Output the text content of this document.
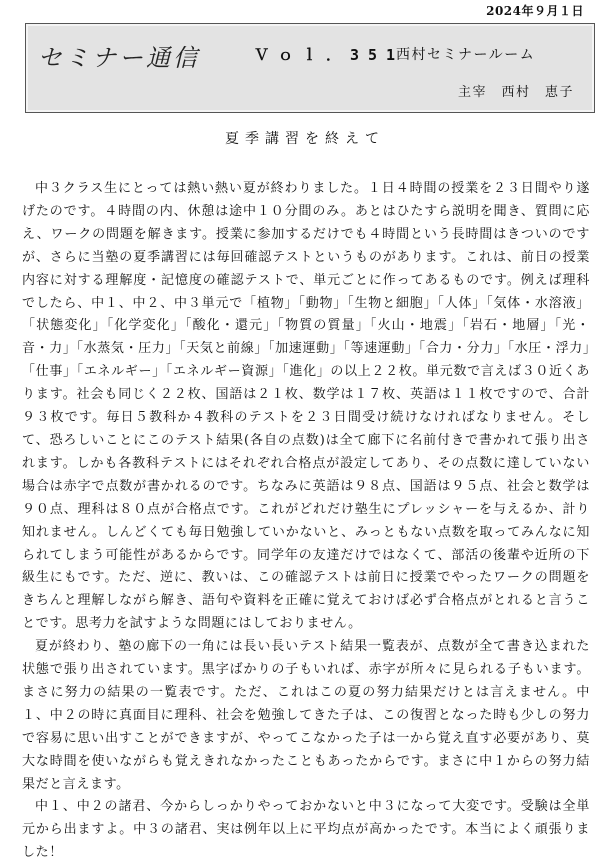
2024年９月１日
セミナー通信	Ｖｏｌ．351
西村セミナールーム
主宰　西村　恵子
夏季講習を終えて

中３クラス生にとっては熱い熱い夏が終わりました。１日４時間の授業を２３日間やり遂げたのです。４時間の内、休憩は途中１０分間のみ。あとはひたすら説明を聞き、質問に応え、ワークの問題を解きます。授業に参加するだけでも４時間という長時間はきついのですが、さらに当塾の夏季講習には毎回確認テストというものがあります。これは、前日の授業内容に対する理解度・記憶度の確認テストで、単元ごとに作ってあるものです。例えば理科でしたら、中１、中２、中３単元で「植物」「動物」「生物と細胞」「人体」「気体・水溶液」「状態変化」「化学変化」「酸化・還元」「物質の質量」「火山・地震」「岩石・地層」「光・音・力」「水蒸気・圧力」「天気と前線」「加速運動」「等速運動」「合力・分力」「水圧・浮力」「仕事」「エネルギー」「エネルギー資源」「進化」の以上２２枚。単元数で言えば３０近くあります。社会も同じく２２枚、国語は２１枚、数学は１７枚、英語は１１枚ですので、合計９３枚です。毎日５教科か４教科のテストを２３日間受け続けなければなりません。そして、恐ろしいことにこのテスト結果(各自の点数)は全て廊下に名前付きで書かれて張り出されます。しかも各教科テストにはそれぞれ合格点が設定してあり、その点数に達していない場合は赤字で点数が書かれるのです。ちなみに英語は９８点、国語は９５点、社会と数学は９０点、理科は８０点が合格点です。これがどれだけ塾生にプレッシャーを与えるか、計り知れません。しんどくても毎日勉強していかないと、みっともない点数を取ってみんなに知られてしまう可能性があるからです。同学年の友達だけではなくて、部活の後輩や近所の下級生にもです。ただ、逆に、教いは、この確認テストは前日に授業でやったワークの問題をきちんと理解しながら解き、語句や資料を正確に覚えておけば必ず合格点がとれると言うことです。思考力を試すような問題にはしておりません。

夏が終わり、塾の廊下の一角には長い長いテスト結果一覧表が、点数が全て書き込まれた状態で張り出されています。黒字ばかりの子もいれば、赤字が所々に見られる子もいます。まさに努力の結果の一覧表です。ただ、これはこの夏の努力結果だけとは言えません。中１、中２の時に真面目に理科、社会を勉強してきた子は、この復習となった時も少しの努力で容易に思い出すことができますが、やってこなかった子は一から覚え直す必要があり、莫大な時間を使いながらも覚えきれなかったこともあったからです。まさに中１からの努力結果だと言えます。

中１、中２の諸君、今からしっかりやっておかないと中３になって大変です。受験は全単元から出ますよ。中３の諸君、実は例年以上に平均点が高かったです。本当によく頑張りました！
